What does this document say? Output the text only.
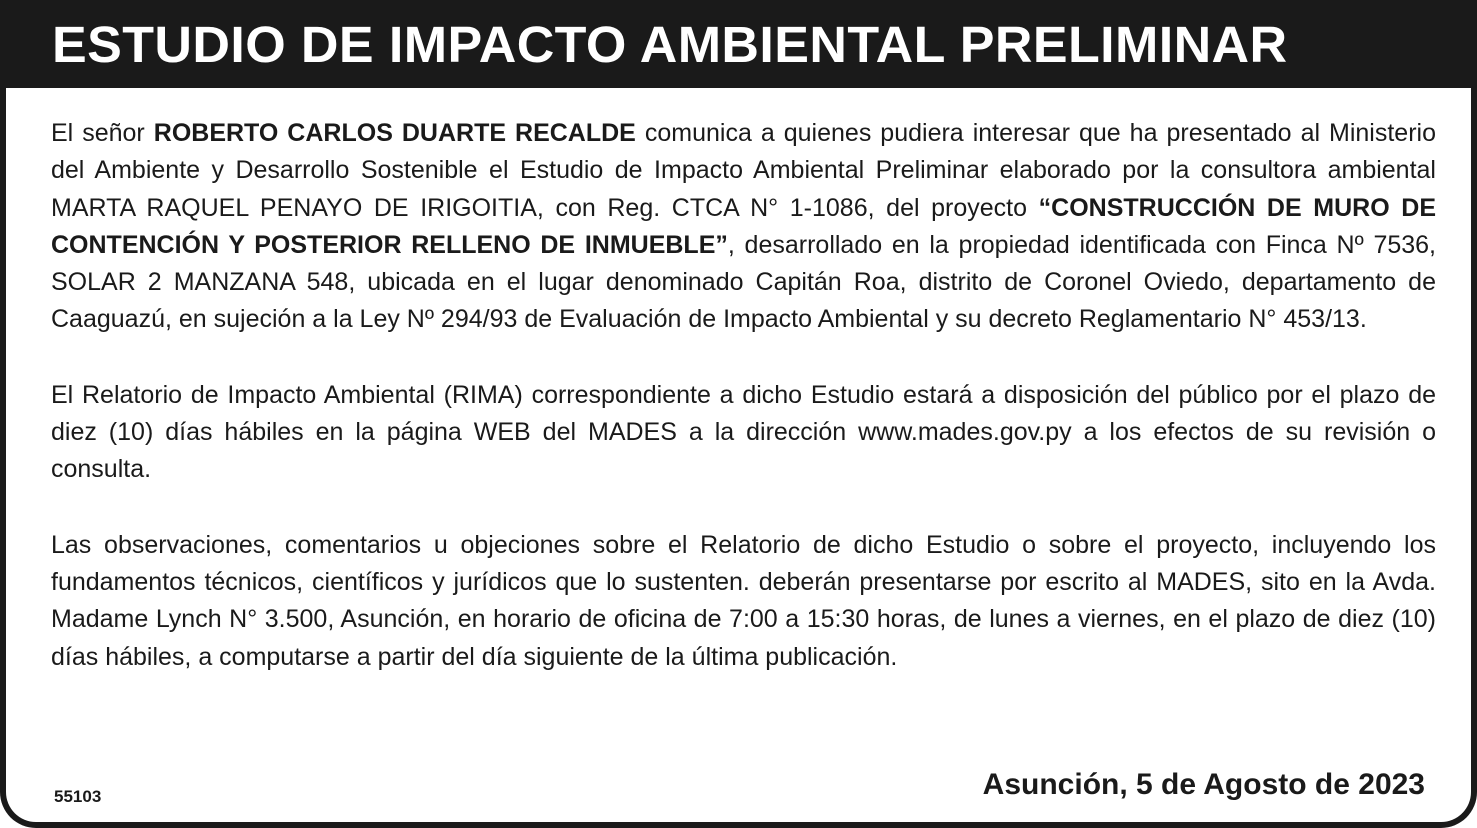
ESTUDIO DE IMPACTO AMBIENTAL PRELIMINAR

El señor ROBERTO CARLOS DUARTE RECALDE comunica a quienes pudiera interesar que ha presentado al Ministerio del Ambiente y Desarrollo Sostenible el Estudio de Impacto Ambiental Preliminar elaborado por la consultora ambiental MARTA RAQUEL PENAYO DE IRIGOITIA, con Reg. CTCA N° 1-1086, del proyecto “CONSTRUCCIÓN DE MURO DE CONTENCIÓN Y POSTERIOR RELLENO DE INMUEBLE”, desarrollado en la propiedad identificada con Finca Nº 7536, SOLAR 2 MANZANA 548, ubicada en el lugar denominado Capitán Roa, distrito de Coronel Oviedo, departamento de Caaguazú, en sujeción a la Ley Nº 294/93 de Evaluación de Impacto Ambiental y su decreto Reglamentario N° 453/13.

El Relatorio de Impacto Ambiental (RIMA) correspondiente a dicho Estudio estará a disposición del público por el plazo de diez (10) días hábiles en la página WEB del MADES a la dirección www.mades.gov.py a los efectos de su revisión o consulta.

Las observaciones, comentarios u objeciones sobre el Relatorio de dicho Estudio o sobre el proyecto, incluyendo los fundamentos técnicos, científicos y jurídicos que lo sustenten. deberán presentarse por escrito al MADES, sito en la Avda. Madame Lynch N° 3.500, Asunción, en horario de oficina de 7:00 a 15:30 horas, de lunes a viernes, en el plazo de diez (10) días hábiles, a computarse a partir del día siguiente de la última publicación.

55103	Asunción, 5 de Agosto de 2023
